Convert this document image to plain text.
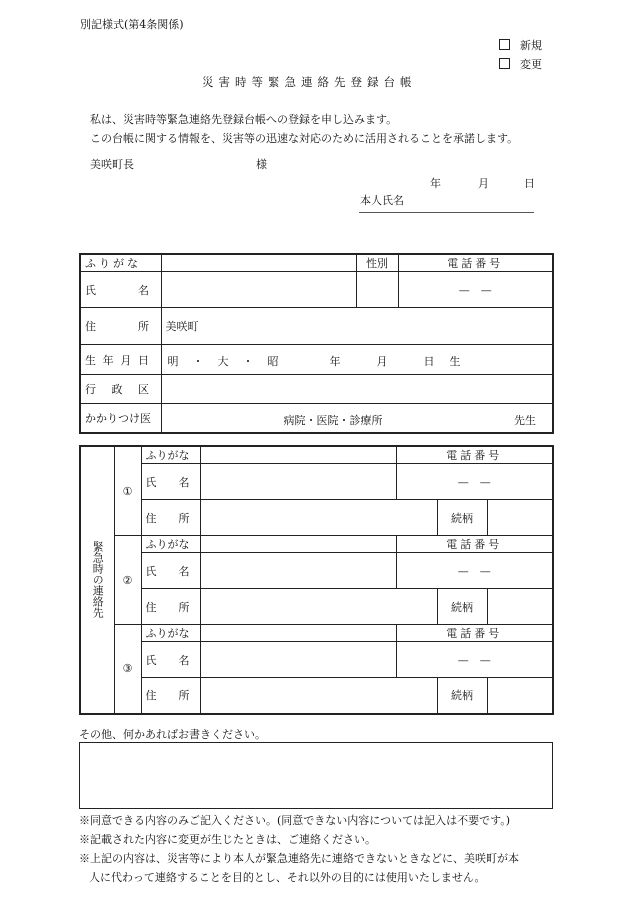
別記様式(第4条関係)
新規
変更
災害時等緊急連絡先登録台帳
私は、災害時等緊急連絡先登録台帳への登録を申し込みます。
この台帳に関する情報を、災害等の迅速な対応のために活用されることを承諾します。
美咲町長	様
年	月	日
本人氏名
ふりがな		性別	電話番号

氏名			—　—

住所	美咲町		

生年月日	明・大・昭 年 月 日 生		

行政区			

かかりつけ医	病院・医院・診療所 先生		
緊急時の連絡先	①	ふりがな		電話番号		

		氏名		—　—		

		住所			続柄	
	②	ふりがな		電話番号		

		氏名		—　—		

		住所			続柄	
	③	ふりがな		電話番号		

		氏名		—　—		

		住所			続柄	
その他、何かあればお書きください。
※同意できる内容のみご記入ください。(同意できない内容については記入は不要です。)
※記載された内容に変更が生じたときは、ご連絡ください。
※上記の内容は、災害等により本人が緊急連絡先に連絡できないときなどに、美咲町が本
人に代わって連絡することを目的とし、それ以外の目的には使用いたしません。
